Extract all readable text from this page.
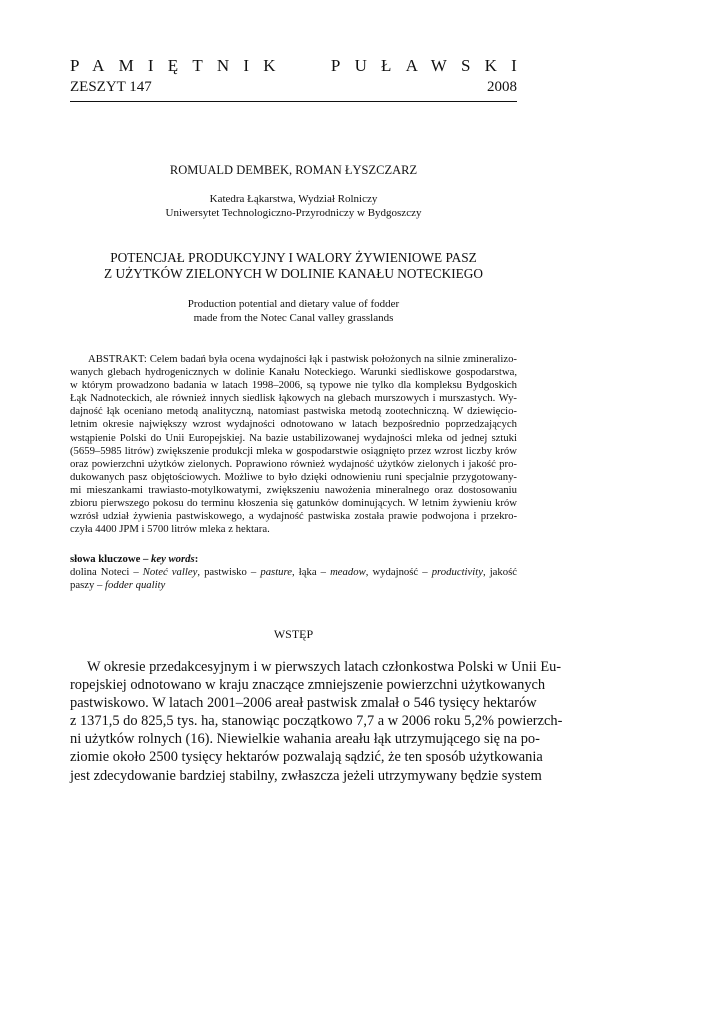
PAMIĘTNIK PUŁAWSKI
ZESZYT 147	2008
ROMUALD DEMBEK, ROMAN ŁYSZCZARZ
Katedra Łąkarstwa, Wydział Rolniczy
Uniwersytet Technologiczno-Przyrodniczy w Bydgoszczy
POTENCJAŁ PRODUKCYJNY I WALORY ŻYWIENIOWE PASZ
Z UŻYTKÓW ZIELONYCH W DOLINIE KANAŁU NOTECKIEGO
Production potential and dietary value of fodder
made from the Notec Canal valley grasslands
ABSTRAKT: Celem badań była ocena wydajności łąk i pastwisk położonych na silnie zmineralizo-
wanych glebach hydrogenicznych w dolinie Kanału Noteckiego. Warunki siedliskowe gospodarstwa,
w którym prowadzono badania w latach 1998–2006, są typowe nie tylko dla kompleksu Bydgoskich
Łąk Nadnoteckich, ale również innych siedlisk łąkowych na glebach murszowych i murszastych. Wy-
dajność łąk oceniano metodą analityczną, natomiast pastwiska metodą zootechniczną. W dziewięcio-
letnim okresie największy wzrost wydajności odnotowano w latach bezpośrednio poprzedzających
wstąpienie Polski do Unii Europejskiej. Na bazie ustabilizowanej wydajności mleka od jednej sztuki
(5659–5985 litrów) zwiększenie produkcji mleka w gospodarstwie osiągnięto przez wzrost liczby krów
oraz powierzchni użytków zielonych. Poprawiono również wydajność użytków zielonych i jakość pro-
dukowanych pasz objętościowych. Możliwe to było dzięki odnowieniu runi specjalnie przygotowany-
mi mieszankami trawiasto-motylkowatymi, zwiększeniu nawożenia mineralnego oraz dostosowaniu
zbioru pierwszego pokosu do terminu kłoszenia się gatunków dominujących. W letnim żywieniu krów
wzrósł udział żywienia pastwiskowego, a wydajność pastwiska została prawie podwojona i przekro-
czyła 4400 JPM i 5700 litrów mleka z hektara.
słowa kluczowe – key words:
dolina Noteci – Noteć valley, pastwisko – pasture, łąka – meadow, wydajność – productivity, jakość
paszy – fodder quality
WSTĘP
W okresie przedakcesyjnym i w pierwszych latach członkostwa Polski w Unii Eu-
ropejskiej odnotowano w kraju znaczące zmniejszenie powierzchni użytkowanych
pastwiskowo. W latach 2001–2006 areał pastwisk zmalał o 546 tysięcy hektarów
z 1371,5 do 825,5 tys. ha, stanowiąc początkowo 7,7 a w 2006 roku 5,2% powierzch-
ni użytków rolnych (16). Niewielkie wahania areału łąk utrzymującego się na po-
ziomie około 2500 tysięcy hektarów pozwalają sądzić, że ten sposób użytkowania
jest zdecydowanie bardziej stabilny, zwłaszcza jeżeli utrzymywany będzie system
